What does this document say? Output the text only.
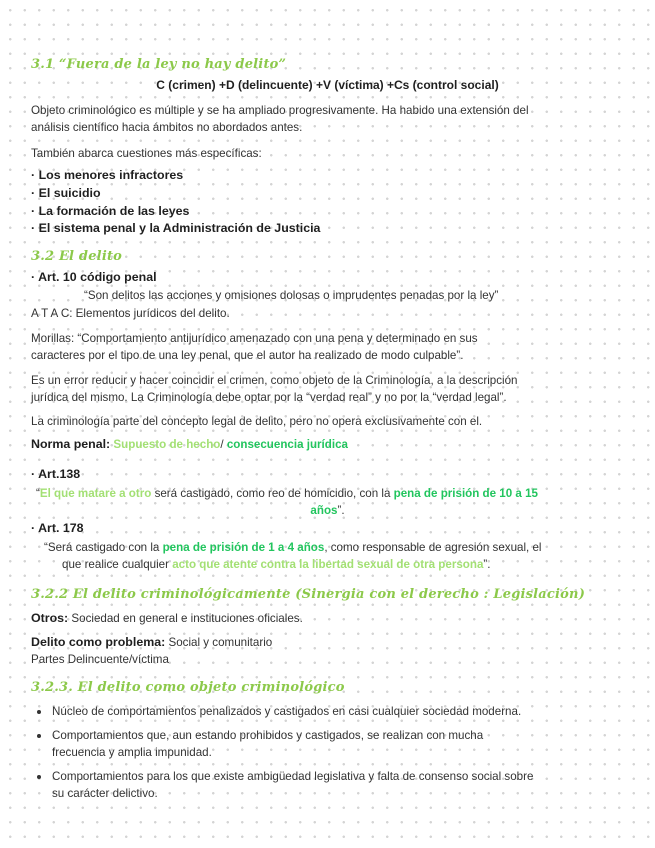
3.1 “Fuera de la ley no hay delito”
C (crimen) +D (delincuente) +V (víctima) +Cs (control social)
Objeto criminológico es múltiple y se ha ampliado progresivamente. Ha habido una extensión del
análisis científico hacia ámbitos no abordados antes.
También abarca cuestiones más específicas:
· Los menores infractores
· El suicidio
· La formación de las leyes
· El sistema penal y la Administración de Justicia
3.2 El delito
· Art. 10 código penal
“Son delitos las acciones y omisiones dolosas o imprudentes penadas por la ley”
A T A C: Elementos jurídicos del delito.
Morillas: “Comportamiento antijurídico amenazado con una pena y determinado en sus
caracteres por el tipo de una ley penal, que el autor ha realizado de modo culpable”.
Es un error reducir y hacer coincidir el crimen, como objeto de la Criminología, a la descripción
jurídica del mismo. La Criminología debe optar por la “verdad real” y no por la “verdad legal”.
La criminología parte del concepto legal de delito, pero no opera exclusivamente con el.
Norma penal: Supuesto de hecho/ consecuencia jurídica
· Art.138
“El que matare a otro será castigado, como reo de homicidio, con la pena de prisión de 10 a 15
años”.
· Art. 178
“Será castigado con la pena de prisión de 1 a 4 años, como responsable de agresión sexual, el
que realice cualquier acto que atente contra la libertad sexual de otra persona”.
3.2.2 El delito criminológicamente (Sinergia con el derecho : Legislación)
Otros: Sociedad en general e instituciones oficiales.
Delito como problema: Social y comunitario
Partes Delincuente/víctima
3.2.3. El delito como objeto criminológico
Núcleo de comportamientos penalizados y castigados en casi cualquier sociedad moderna.
Comportamientos que, aun estando prohibidos y castigados, se realizan con mucha
frecuencia y amplia impunidad.
Comportamientos para los que existe ambigüedad legislativa y falta de consenso social sobre
su carácter delictivo.
